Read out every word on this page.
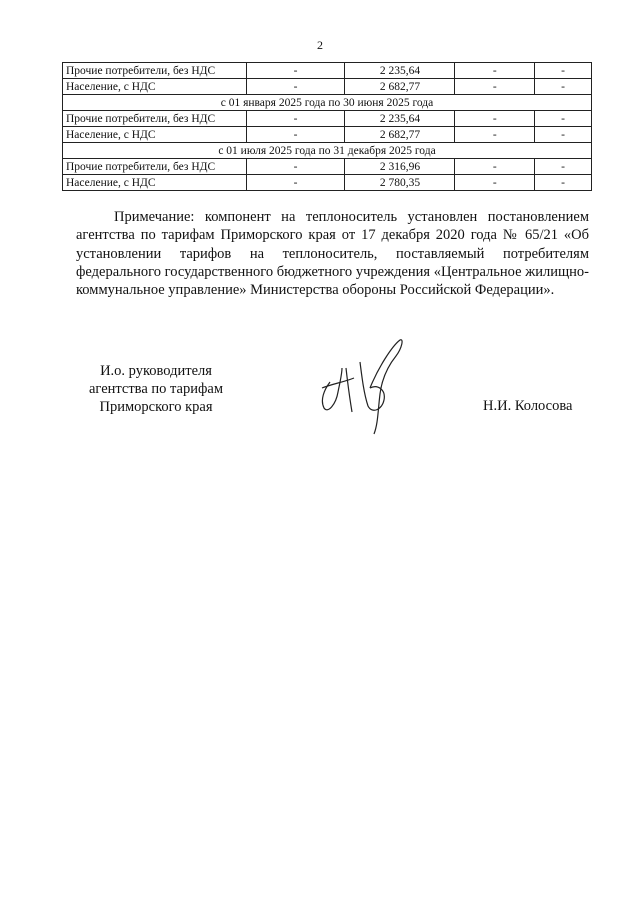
2
Прочие потребители, без НДС	-	2 235,64	-	-
Население, с НДС	-	2 682,77	-	-
с 01 января 2025 года по 30 июня 2025 года				
Прочие потребители, без НДС	-	2 235,64	-	-
Население, с НДС	-	2 682,77	-	-
с 01 июля 2025 года по 31 декабря 2025 года				
Прочие потребители, без НДС	-	2 316,96	-	-
Население, с НДС	-	2 780,35	-	-

Примечание: компонент на теплоноситель установлен постановлением агентства по тарифам Приморского края от 17 декабря 2020 года № 65/21 «Об установлении тарифов на теплоноситель, поставляемый потребителям федерального государственного бюджетного учреждения «Центральное жилищно-коммунальное управление» Министерства обороны Российской Федерации».

И.о. руководителя
агентства по тарифам
Приморского края	Н.И. Колосова
